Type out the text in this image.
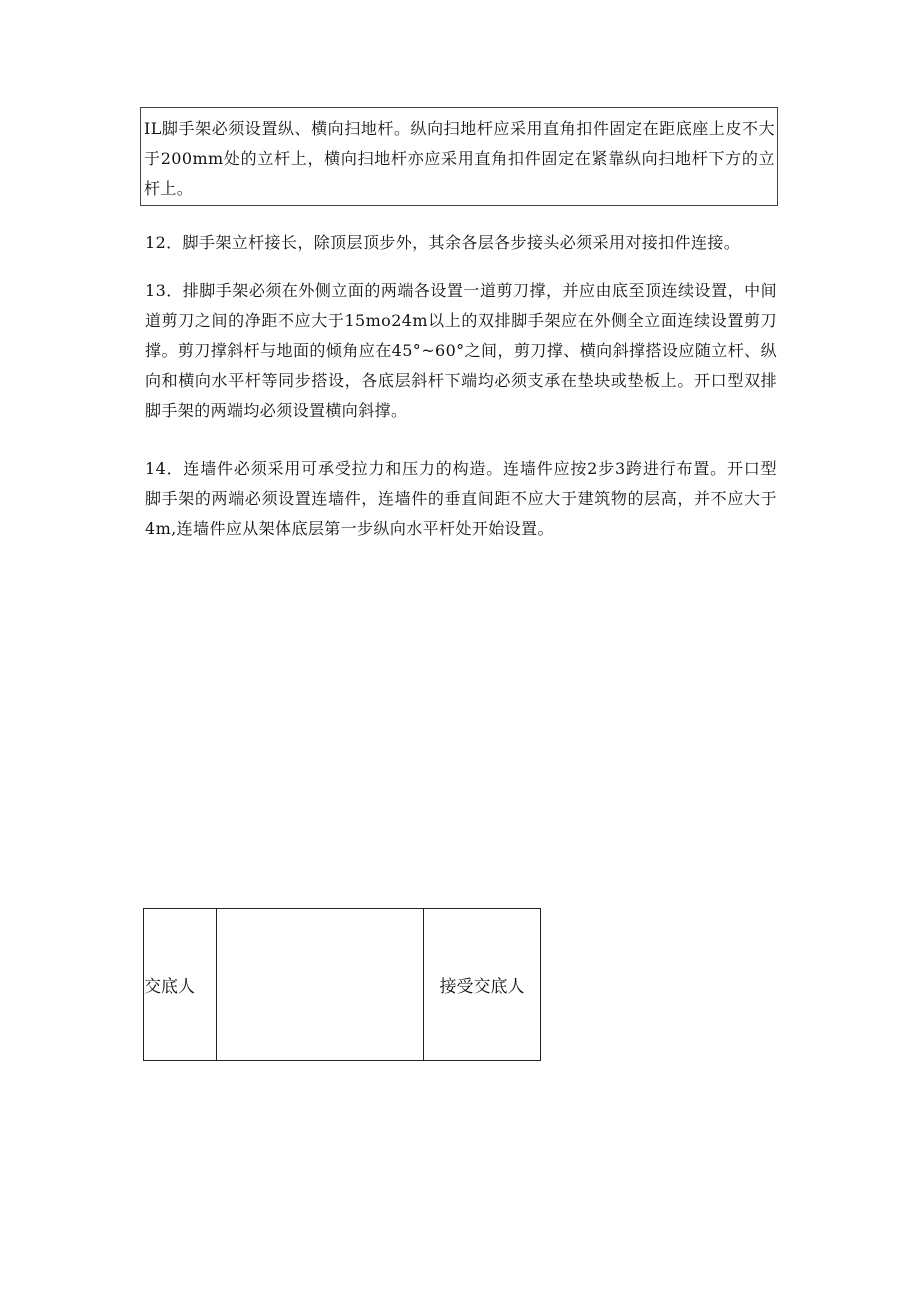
IL脚手架必须设置纵、横向扫地杆。纵向扫地杆应采用直角扣件固定在距底座上皮不大于200mm处的立杆上，横向扫地杆亦应采用直角扣件固定在紧靠纵向扫地杆下方的立杆上。

12．脚手架立杆接长，除顶层顶步外，其余各层各步接头必须采用对接扣件连接。

13．排脚手架必须在外侧立面的两端各设置一道剪刀撑，并应由底至顶连续设置，中间道剪刀之间的净距不应大于15mo24m以上的双排脚手架应在外侧全立面连续设置剪刀撑。剪刀撑斜杆与地面的倾角应在45°~60°之间，剪刀撑、横向斜撑搭设应随立杆、纵向和横向水平杆等同步搭设，各底层斜杆下端均必须支承在垫块或垫板上。开口型双排脚手架的两端均必须设置横向斜撑。

14．连墙件必须采用可承受拉力和压力的构造。连墙件应按2步3跨进行布置。开口型脚手架的两端必须设置连墙件，连墙件的垂直间距不应大于建筑物的层高，并不应大于4m,连墙件应从架体底层第一步纵向水平杆处开始设置。

交底人		接受交底人
